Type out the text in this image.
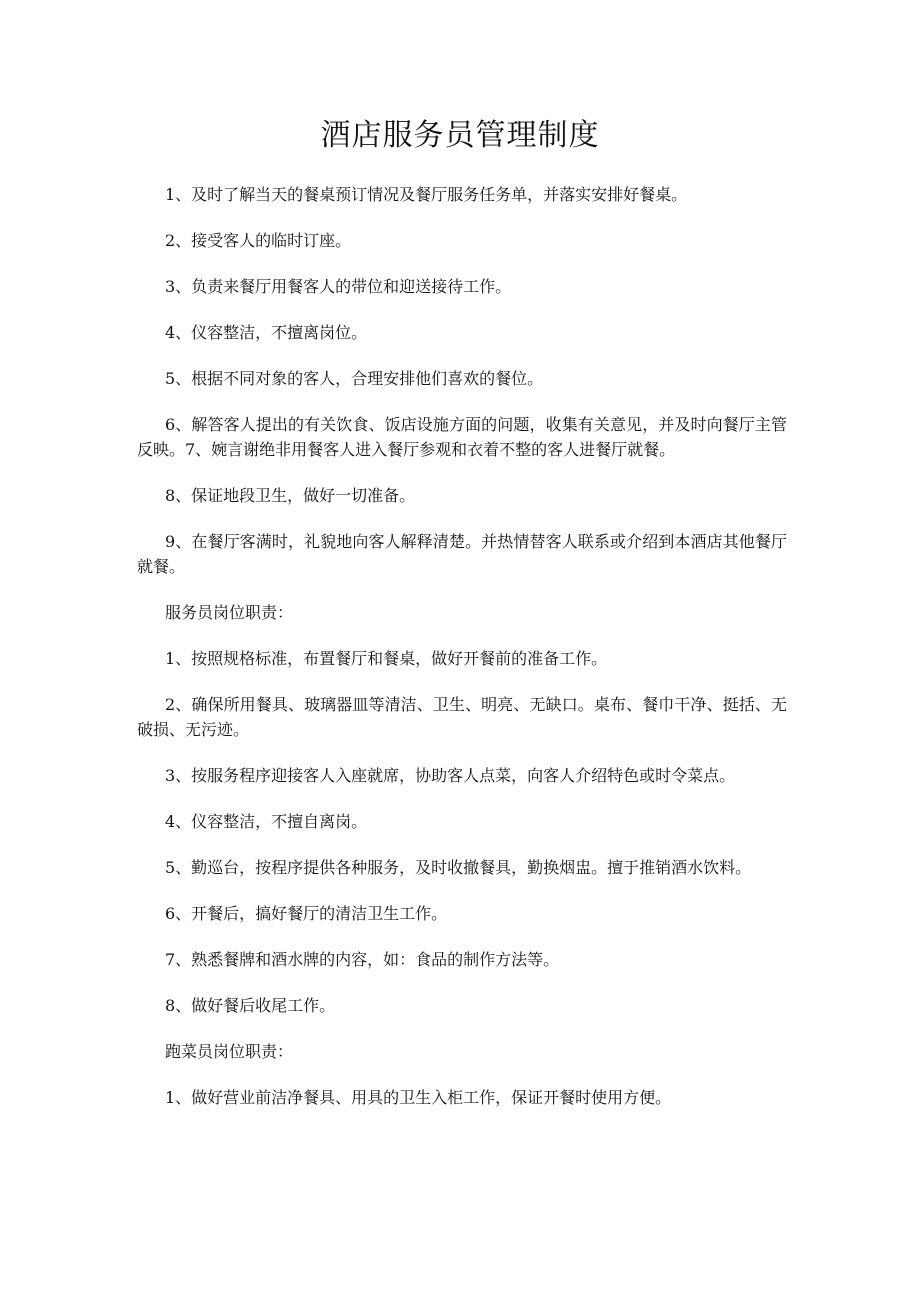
酒店服务员管理制度

1、及时了解当天的餐桌预订情况及餐厅服务任务单，并落实安排好餐桌。

2、接受客人的临时订座。

3、负责来餐厅用餐客人的带位和迎送接待工作。

4、仪容整洁，不擅离岗位。

5、根据不同对象的客人，合理安排他们喜欢的餐位。

6、解答客人提出的有关饮食、饭店设施方面的问题，收集有关意见，并及时向餐厅主管反映。7、婉言谢绝非用餐客人进入餐厅参观和衣着不整的客人进餐厅就餐。

8、保证地段卫生，做好一切准备。

9、在餐厅客满时，礼貌地向客人解释清楚。并热情替客人联系或介绍到本酒店其他餐厅就餐。

服务员岗位职责：

1、按照规格标准，布置餐厅和餐桌，做好开餐前的准备工作。

2、确保所用餐具、玻璃器皿等清洁、卫生、明亮、无缺口。桌布、餐巾干净、挺括、无破损、无污迹。

3、按服务程序迎接客人入座就席，协助客人点菜，向客人介绍特色或时令菜点。

4、仪容整洁，不擅自离岗。

5、勤巡台，按程序提供各种服务，及时收撤餐具，勤换烟盅。擅于推销酒水饮料。

6、开餐后，搞好餐厅的清洁卫生工作。

7、熟悉餐牌和酒水牌的内容，如：食品的制作方法等。

8、做好餐后收尾工作。

跑菜员岗位职责：

1、做好营业前洁净餐具、用具的卫生入柜工作，保证开餐时使用方便。
